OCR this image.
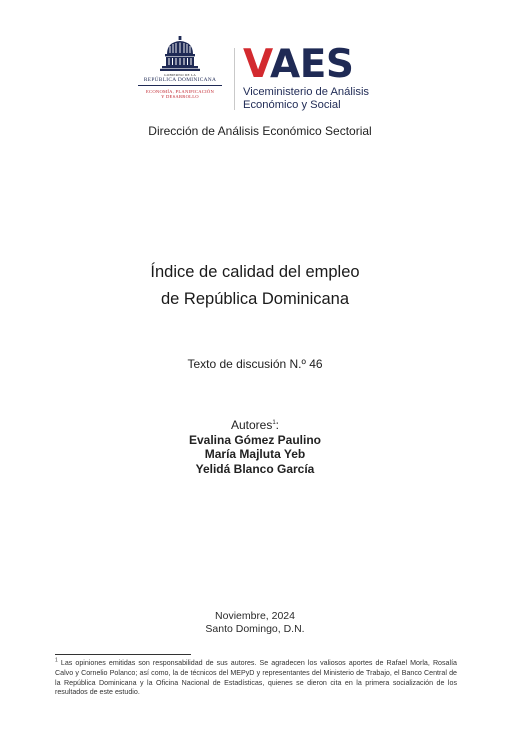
GOBIERNO DE LA
REPÚBLICA DOMINICANA
ECONOMÍA, PLANIFICACIÓN
Y DESARROLLO
VAES
Viceministerio de Análisis
Económico y Social
Dirección de Análisis Económico Sectorial
Índice de calidad del empleo
de República Dominicana
Texto de discusión N.º 46
Autores$^1$:
Evalina Gómez Paulino
María Majluta Yeb
Yelidá Blanco García
Noviembre, 2024
Santo Domingo, D.N.
$^1$ Las opiniones emitidas son responsabilidad de sus autores. Se agradecen los valiosos aportes de Rafael Morla, Rosalía Calvo y Cornelio Polanco; así como, la de técnicos del MEPyD y representantes del Ministerio de Trabajo, el Banco Central de la República Dominicana y la Oficina Nacional de Estadísticas, quienes se dieron cita en la primera socialización de los resultados de este estudio.
